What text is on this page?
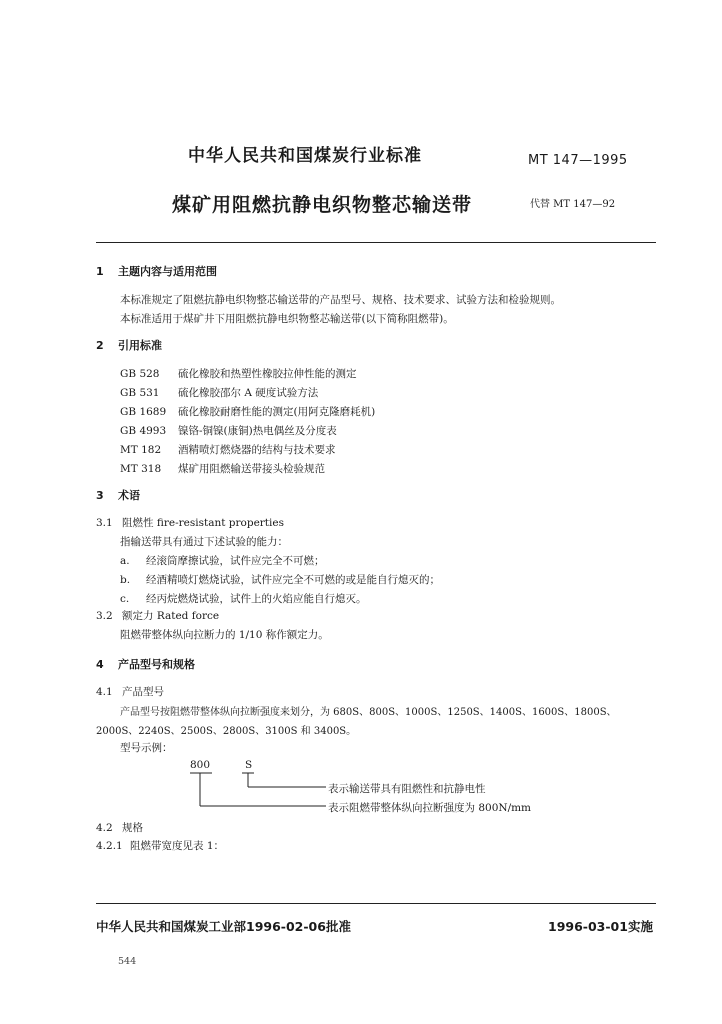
中华人民共和国煤炭行业标准	MT 147—1995
煤矿用阻燃抗静电织物整芯输送带	代替 MT 147—92
1 主题内容与适用范围
本标准规定了阻燃抗静电织物整芯输送带的产品型号、规格、技术要求、试验方法和检验规则。
本标准适用于煤矿井下用阻燃抗静电织物整芯输送带(以下简称阻燃带)。
2 引用标准
GB 528 硫化橡胶和热塑性橡胶拉伸性能的测定
GB 531 硫化橡胶邵尔 A 硬度试验方法
GB 1689 硫化橡胶耐磨性能的测定(用阿克隆磨耗机)
GB 4993 镍铬-铜镍(康铜)热电偶丝及分度表
MT 182 酒精喷灯燃烧器的结构与技术要求
MT 318 煤矿用阻燃输送带接头检验规范
3 术语
3.1 阻燃性 fire-resistant properties
指输送带具有通过下述试验的能力：
a. 经滚筒摩擦试验，试件应完全不可燃；
b. 经酒精喷灯燃烧试验，试件应完全不可燃的或是能自行熄灭的；
c. 经丙烷燃烧试验，试件上的火焰应能自行熄灭。
3.2 额定力 Rated force
阻燃带整体纵向拉断力的 1/10 称作额定力。
4 产品型号和规格
4.1 产品型号
产品型号按阻燃带整体纵向拉断强度来划分，为 680S、800S、1000S、1250S、1400S、1600S、1800S、
2000S、2240S、2500S、2800S、3100S 和 3400S。
型号示例：
800	S
表示输送带具有阻燃性和抗静电性
表示阻燃带整体纵向拉断强度为 800N/mm
4.2 规格
4.2.1 阻燃带宽度见表 1：
中华人民共和国煤炭工业部1996-02-06批准	1996-03-01实施
544
